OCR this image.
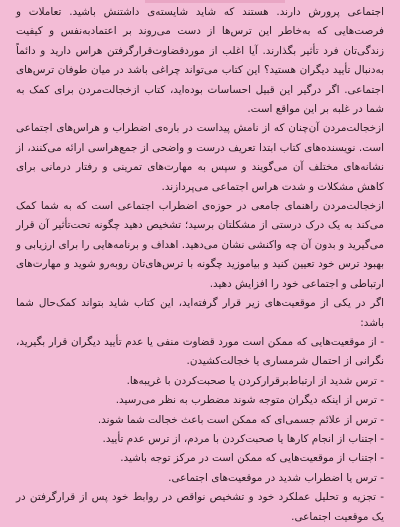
اجتماعی پرورش دارند. هستند که شاید شایسته‌ی داشتنش باشید. تعاملات و فرصت‌هایی که به‌خاطر این ترس‌ها از دست می‌روند بر اعتمادبه‌نفس و کیفیت زندگی‌تان فرد تأثیر بگذارند. آیا اغلب از موردقضاوت‌قرارگرفتن هراس دارید و دائماً به‌دنبال تأیید دیگران هستید؟ این کتاب می‌تواند چراغی باشد در میان طوفان ترس‌های اجتماعی. اگر درگیر این قبیل احساسات بوده‌اید، کتاب ازخجالت‌مردن برای کمک به شما در غلبه بر این مواقع است.

ازخجالت‌مردن آن‌چنان که از نامش پیداست در باره‌ی اضطراب و هراس‌های اجتماعی است. نویسنده‌های کتاب ابتدا تعریف درست و واضحی از جمع‌هراسی ارائه می‌کنند، از نشانه‌های مختلف آن می‌گویند و سپس به مهارت‌های تمرینی و رفتار درمانی برای کاهش مشکلات و شدت هراس اجتماعی می‌پردازند.

ازخجالت‌مردن راهنمای جامعی در حوزه‌ی اضطراب اجتماعی است که به شما کمک می‌کند به یک درک درستی از مشکلتان برسید؛ تشخیص دهید چگونه تحت‌تأثیر آن قرار می‌گیرید و بدون آن چه واکنشی نشان می‌دهید. اهداف و برنامه‌هایی را برای ارزیابی و بهبود ترس خود تعیین کنید و بیاموزید چگونه با ترس‌های‌تان روبه‌رو شوید و مهارت‌های ارتباطی و اجتماعی خود را افزایش دهید.

اگر در یکی از موقعیت‌های زیر قرار گرفته‌اید، این کتاب شاید بتواند کمک‌حال شما باشد:

- از موقعیت‌هایی که ممکن است مورد قضاوت منفی یا عدم تأیید دیگران قرار بگیرید، نگرانی از احتمال شرمساری یا خجالت‌کشیدن.
- ترس شدید از ارتباط‌برقرارکردن یا صحبت‌کردن با غریبه‌ها.
- ترس از اینکه دیگران متوجه شوند مضطرب به نظر می‌رسید.
- ترس از علائم جسمی‌ای که ممکن است باعث خجالت شما شوند.
- اجتناب از انجام کارها یا صحبت‌کردن با مردم، از ترس عدم تأیید.
- اجتناب از موقعیت‌هایی که ممکن است در مرکز توجه باشید.
- ترس یا اضطراب شدید در موقعیت‌های اجتماعی.
- تجزیه و تحلیل عملکرد خود و تشخیص نواقص در روابط خود پس از قرارگرفتن در یک موقعیت اجتماعی.
